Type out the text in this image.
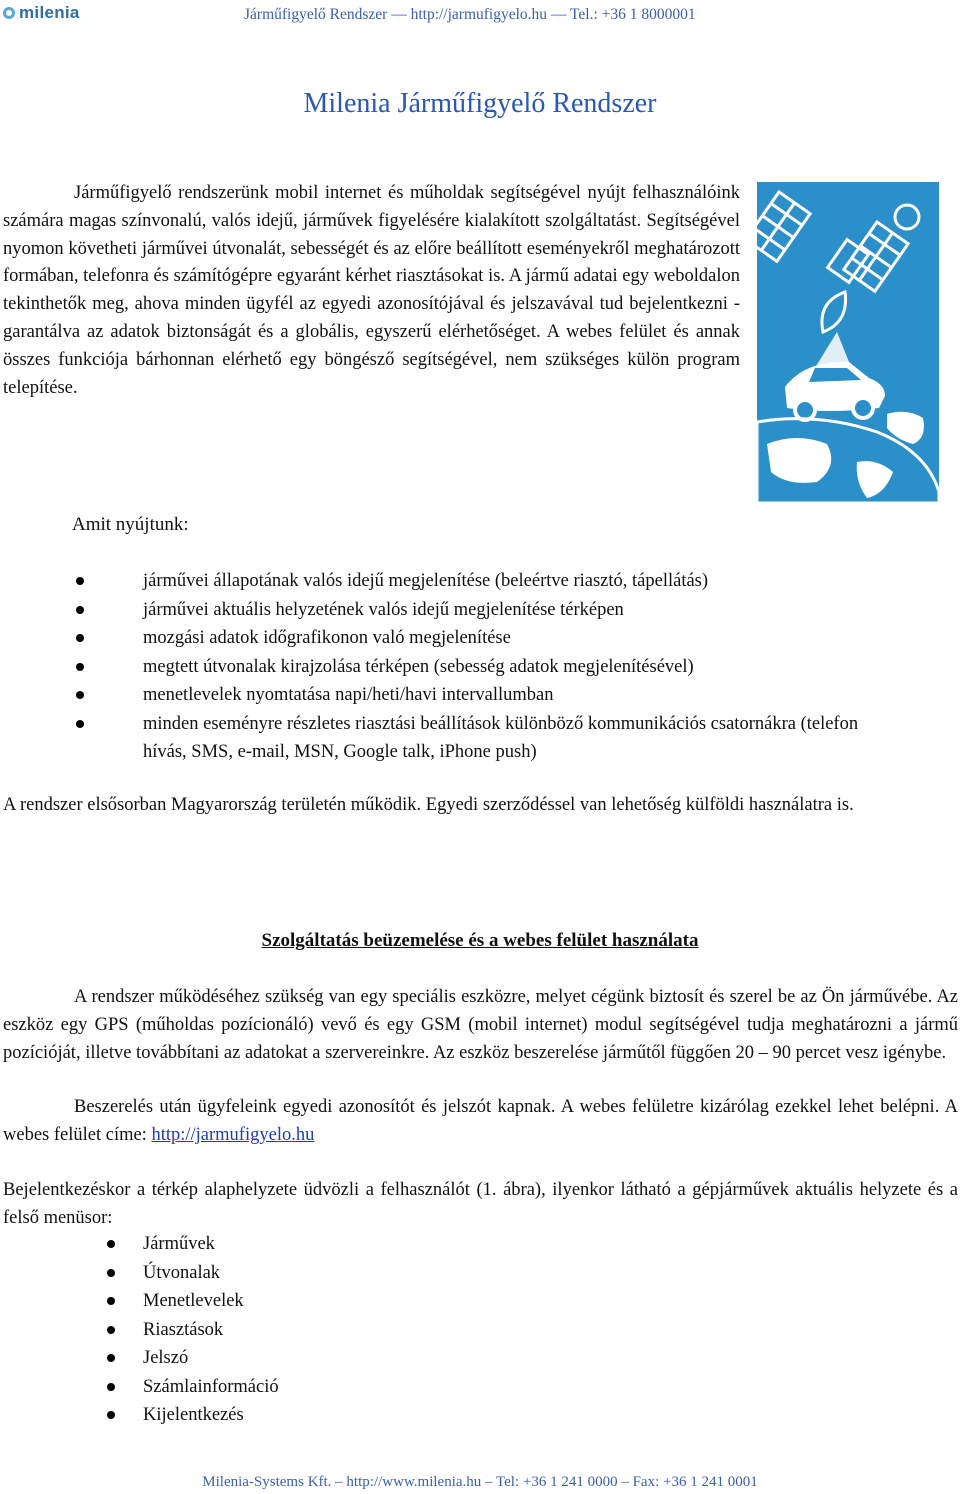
milenia	Járműfigyelő Rendszer — http://jarmufigyelo.hu — Tel.: +36 1 8000001
Milenia Járműfigyelő Rendszer

Járműfigyelő rendszerünk mobil internet és műholdak segítségével nyújt felhasználóink számára magas színvonalú, valós idejű, járművek figyelésére kialakított szolgáltatást. Segítségével nyomon követheti járművei útvonalát, sebességét és az előre beállított eseményekről meghatározott formában, telefonra és számítógépre egyaránt kérhet riasztásokat is. A jármű adatai egy weboldalon tekinthetők meg, ahova minden ügyfél az egyedi azonosítójával és jelszavával tud bejelentkezni - garantálva az adatok biztonságát és a globális, egyszerű elérhetőséget. A webes felület és annak összes funkciója bárhonnan elérhető egy böngésző segítségével, nem szükséges külön program telepítése.

Amit nyújtunk:
járművei állapotának valós idejű megjelenítése (beleértve riasztó, tápellátás)
járművei aktuális helyzetének valós idejű megjelenítése térképen
mozgási adatok időgrafikonon való megjelenítése
megtett útvonalak kirajzolása térképen (sebesség adatok megjelenítésével)
menetlevelek nyomtatása napi/heti/havi intervallumban
minden eseményre részletes riasztási beállítások különböző kommunikációs csatornákra (telefon hívás, SMS, e-mail, MSN, Google talk, iPhone push)

A rendszer elsősorban Magyarország területén működik. Egyedi szerződéssel van lehetőség külföldi használatra is.

Szolgáltatás beüzemelése és a webes felület használata

A rendszer működéséhez szükség van egy speciális eszközre, melyet cégünk biztosít és szerel be az Ön járművébe. Az eszköz egy GPS (műholdas pozícionáló) vevő és egy GSM (mobil internet) modul segítségével tudja meghatározni a jármű pozícióját, illetve továbbítani az adatokat a szervereinkre. Az eszköz beszerelése járműtől függően 20 – 90 percet vesz igénybe.

Beszerelés után ügyfeleink egyedi azonosítót és jelszót kapnak. A webes felületre kizárólag ezekkel lehet belépni. A webes felület címe: http://jarmufigyelo.hu

Bejelentkezéskor a térkép alaphelyzete üdvözli a felhasználót (1. ábra), ilyenkor látható a gépjárművek aktuális helyzete és a felső menüsor:

Járművek
Útvonalak
Menetlevelek
Riasztások
Jelszó
Számlainformáció
Kijelentkezés
Milenia-Systems Kft. – http://www.milenia.hu – Tel: +36 1 241 0000 – Fax: +36 1 241 0001
